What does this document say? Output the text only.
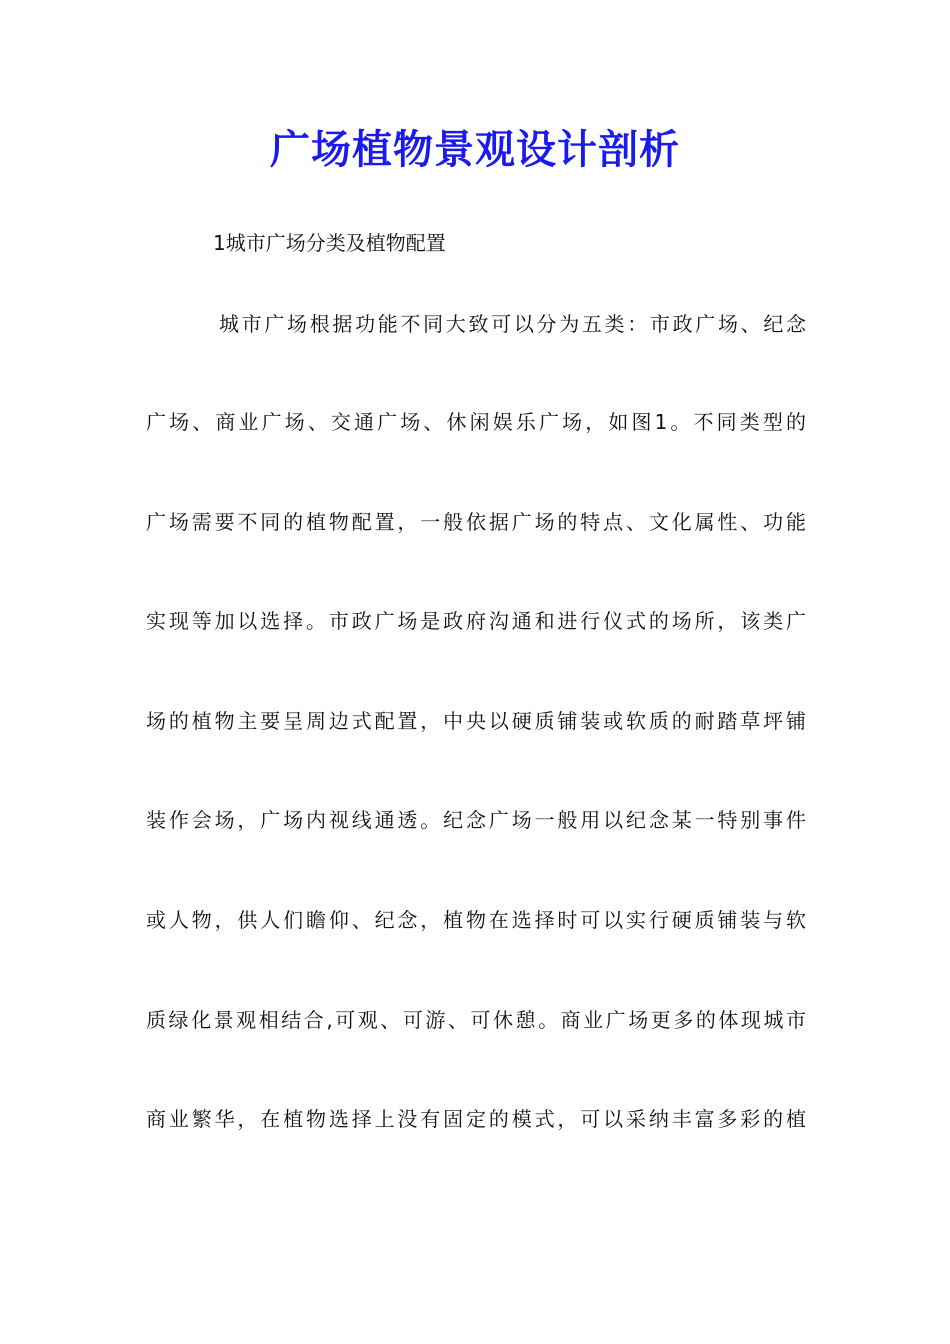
广场植物景观设计剖析

1城市广场分类及植物配置

城市广场根据功能不同大致可以分为五类：市政广场、纪念

广场、商业广场、交通广场、休闲娱乐广场，如图1。不同类型的

广场需要不同的植物配置，一般依据广场的特点、文化属性、功能

实现等加以选择。市政广场是政府沟通和进行仪式的场所，该类广

场的植物主要呈周边式配置，中央以硬质铺装或软质的耐踏草坪铺

装作会场，广场内视线通透。纪念广场一般用以纪念某一特别事件

或人物，供人们瞻仰、纪念，植物在选择时可以实行硬质铺装与软

质绿化景观相结合,可观、可游、可休憩。商业广场更多的体现城市

商业繁华，在植物选择上没有固定的模式，可以采纳丰富多彩的植
